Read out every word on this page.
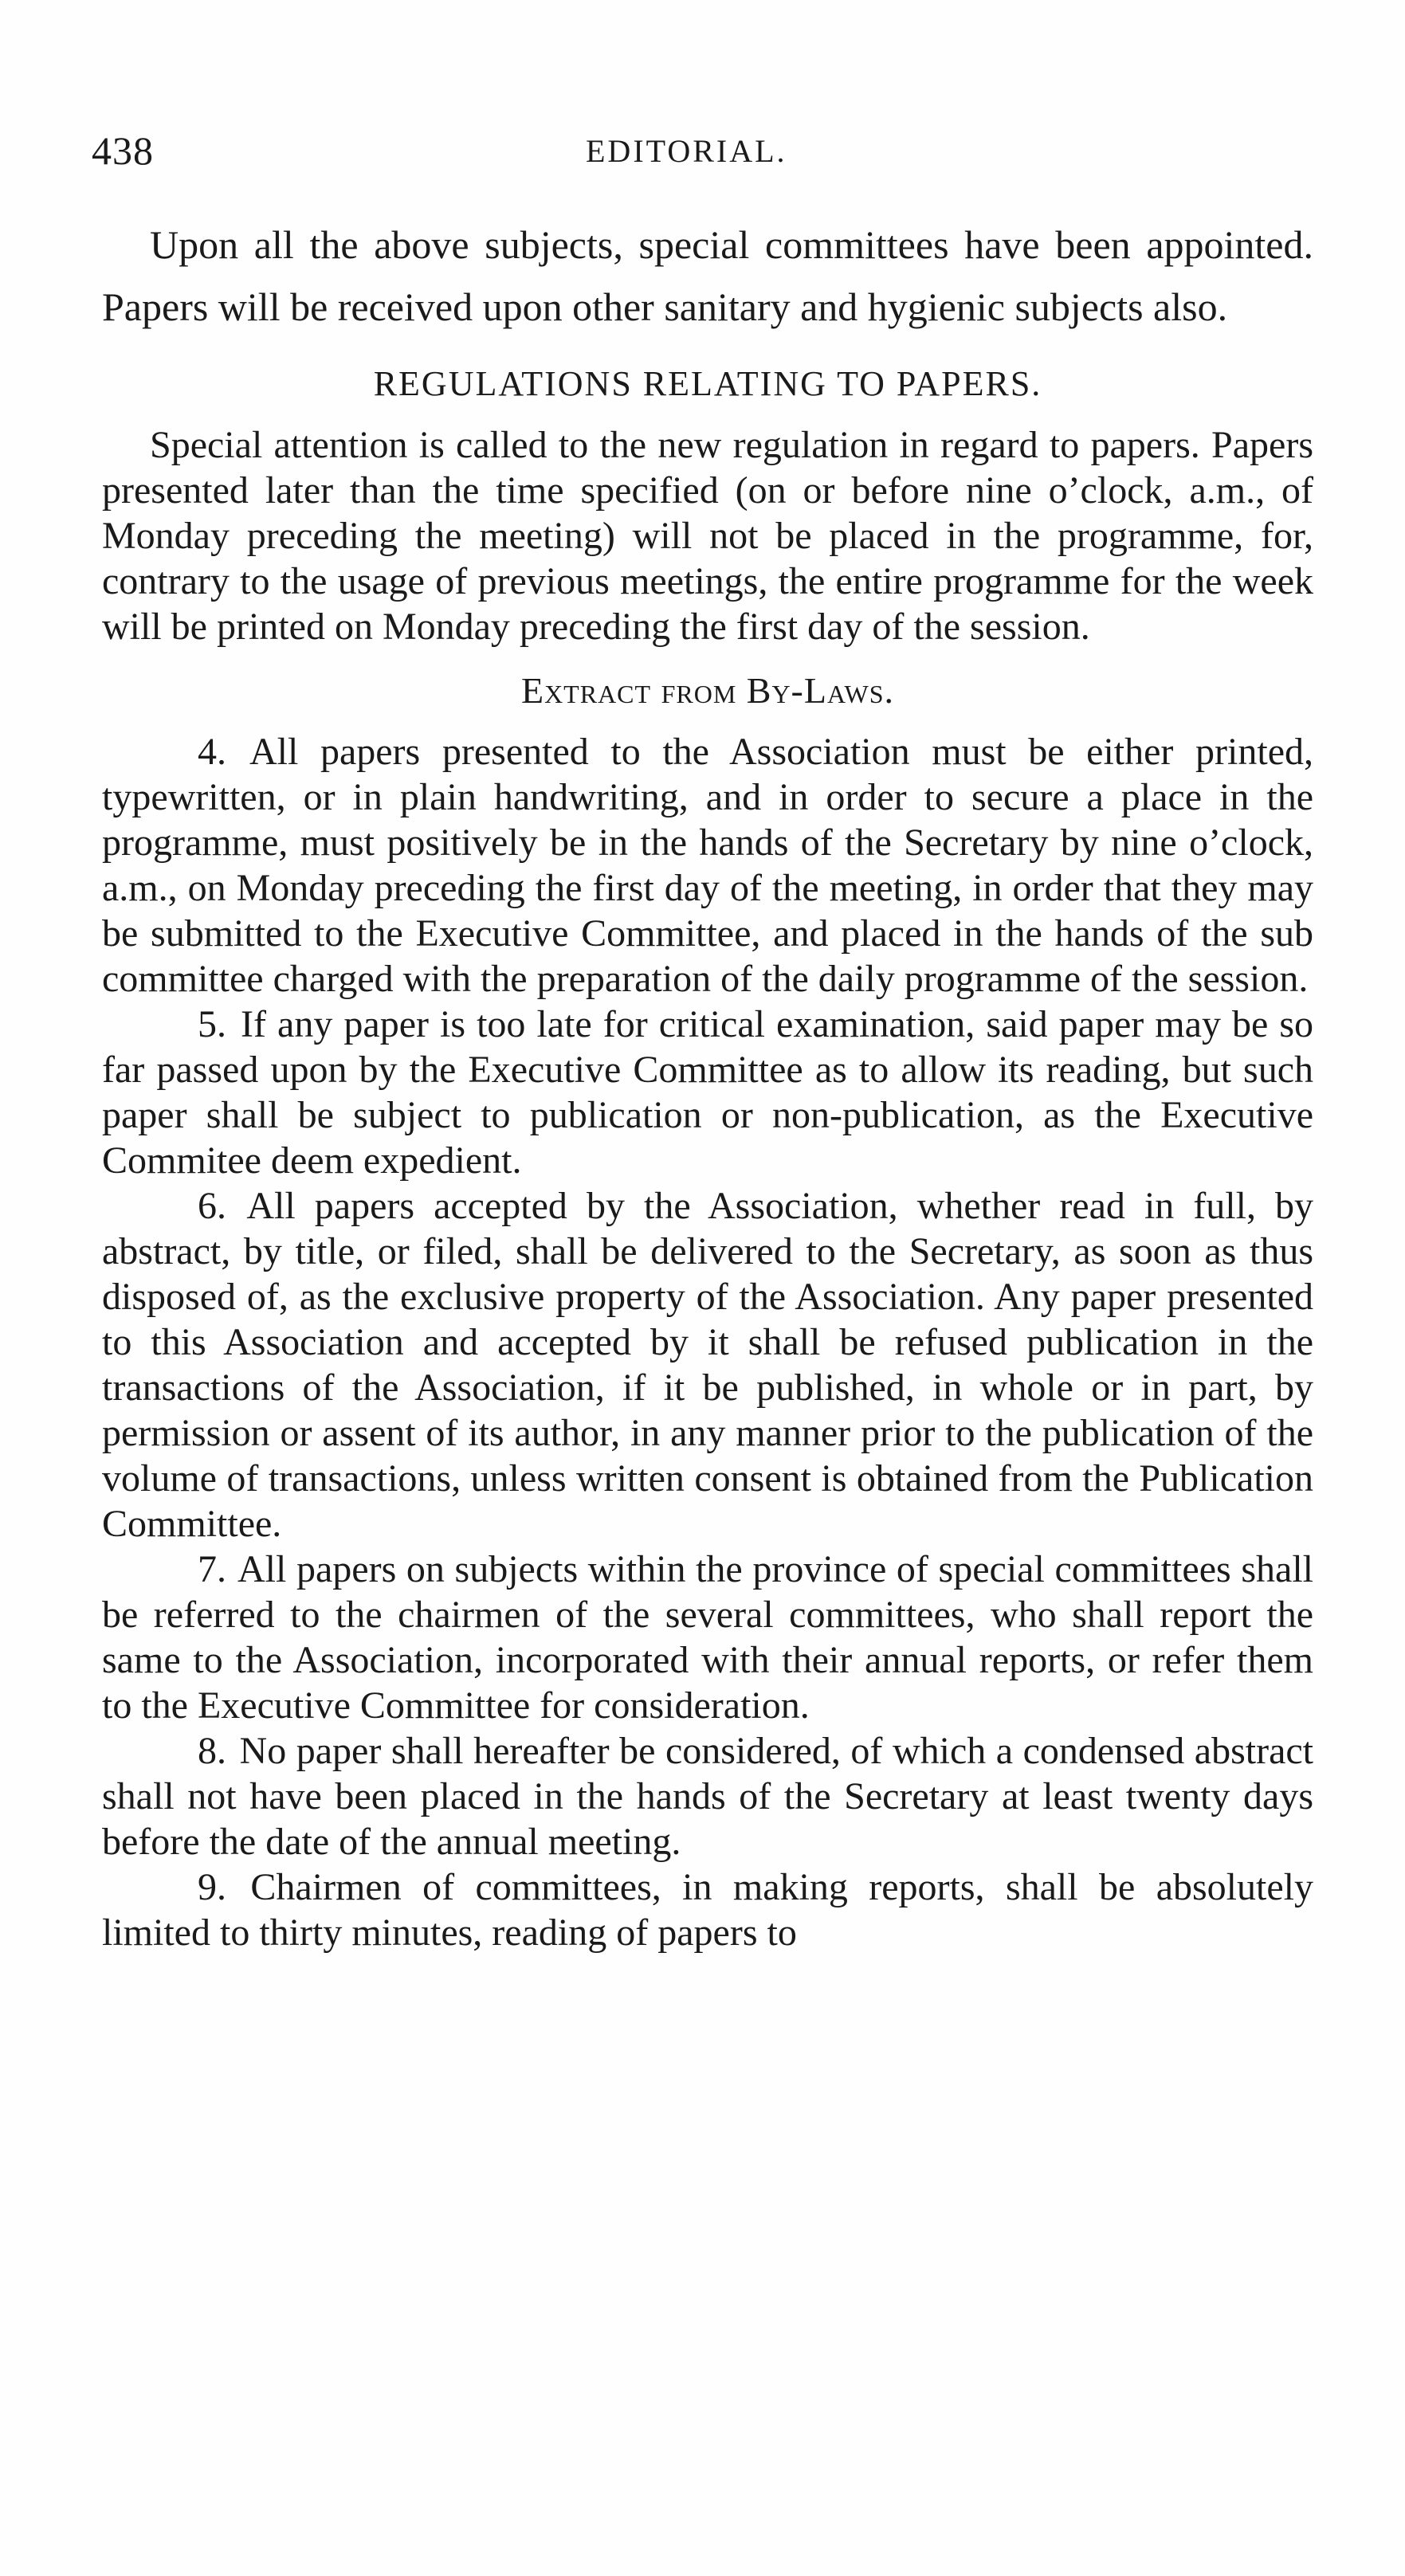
438	EDITORIAL.

Upon all the above subjects, special committees have been appointed. Papers will be received upon other sanitary and hygienic subjects also.

REGULATIONS RELATING TO PAPERS.

Special attention is called to the new regulation in regard to papers. Papers presented later than the time specified (on or before nine o’clock, a.m., of Monday preceding the meeting) will not be placed in the programme, for, contrary to the usage of previous meetings, the entire programme for the week will be printed on Monday preceding the first day of the session.

Extract from By-Laws.

4. All papers presented to the Association must be either printed, typewritten, or in plain handwriting, and in order to secure a place in the programme, must positively be in the hands of the Secretary by nine o’clock, a.m., on Monday preceding the first day of the meeting, in order that they may be submitted to the Executive Committee, and placed in the hands of the sub committee charged with the preparation of the daily programme of the session.

5. If any paper is too late for critical examination, said paper may be so far passed upon by the Executive Committee as to allow its reading, but such paper shall be subject to publication or non-publication, as the Executive Commitee deem expedient.

6. All papers accepted by the Association, whether read in full, by abstract, by title, or filed, shall be delivered to the Secretary, as soon as thus disposed of, as the exclusive property of the Association. Any paper presented to this Association and accepted by it shall be refused publication in the transactions of the Association, if it be published, in whole or in part, by permission or assent of its author, in any manner prior to the publication of the volume of transactions, unless written consent is obtained from the Publication Committee.

7. All papers on subjects within the province of special committees shall be referred to the chairmen of the several committees, who shall report the same to the Association, incorporated with their annual reports, or refer them to the Executive Committee for consideration.

8. No paper shall hereafter be considered, of which a condensed abstract shall not have been placed in the hands of the Secretary at least twenty days before the date of the annual meeting.

9. Chairmen of committees, in making reports, shall be absolutely limited to thirty minutes, reading of papers to
